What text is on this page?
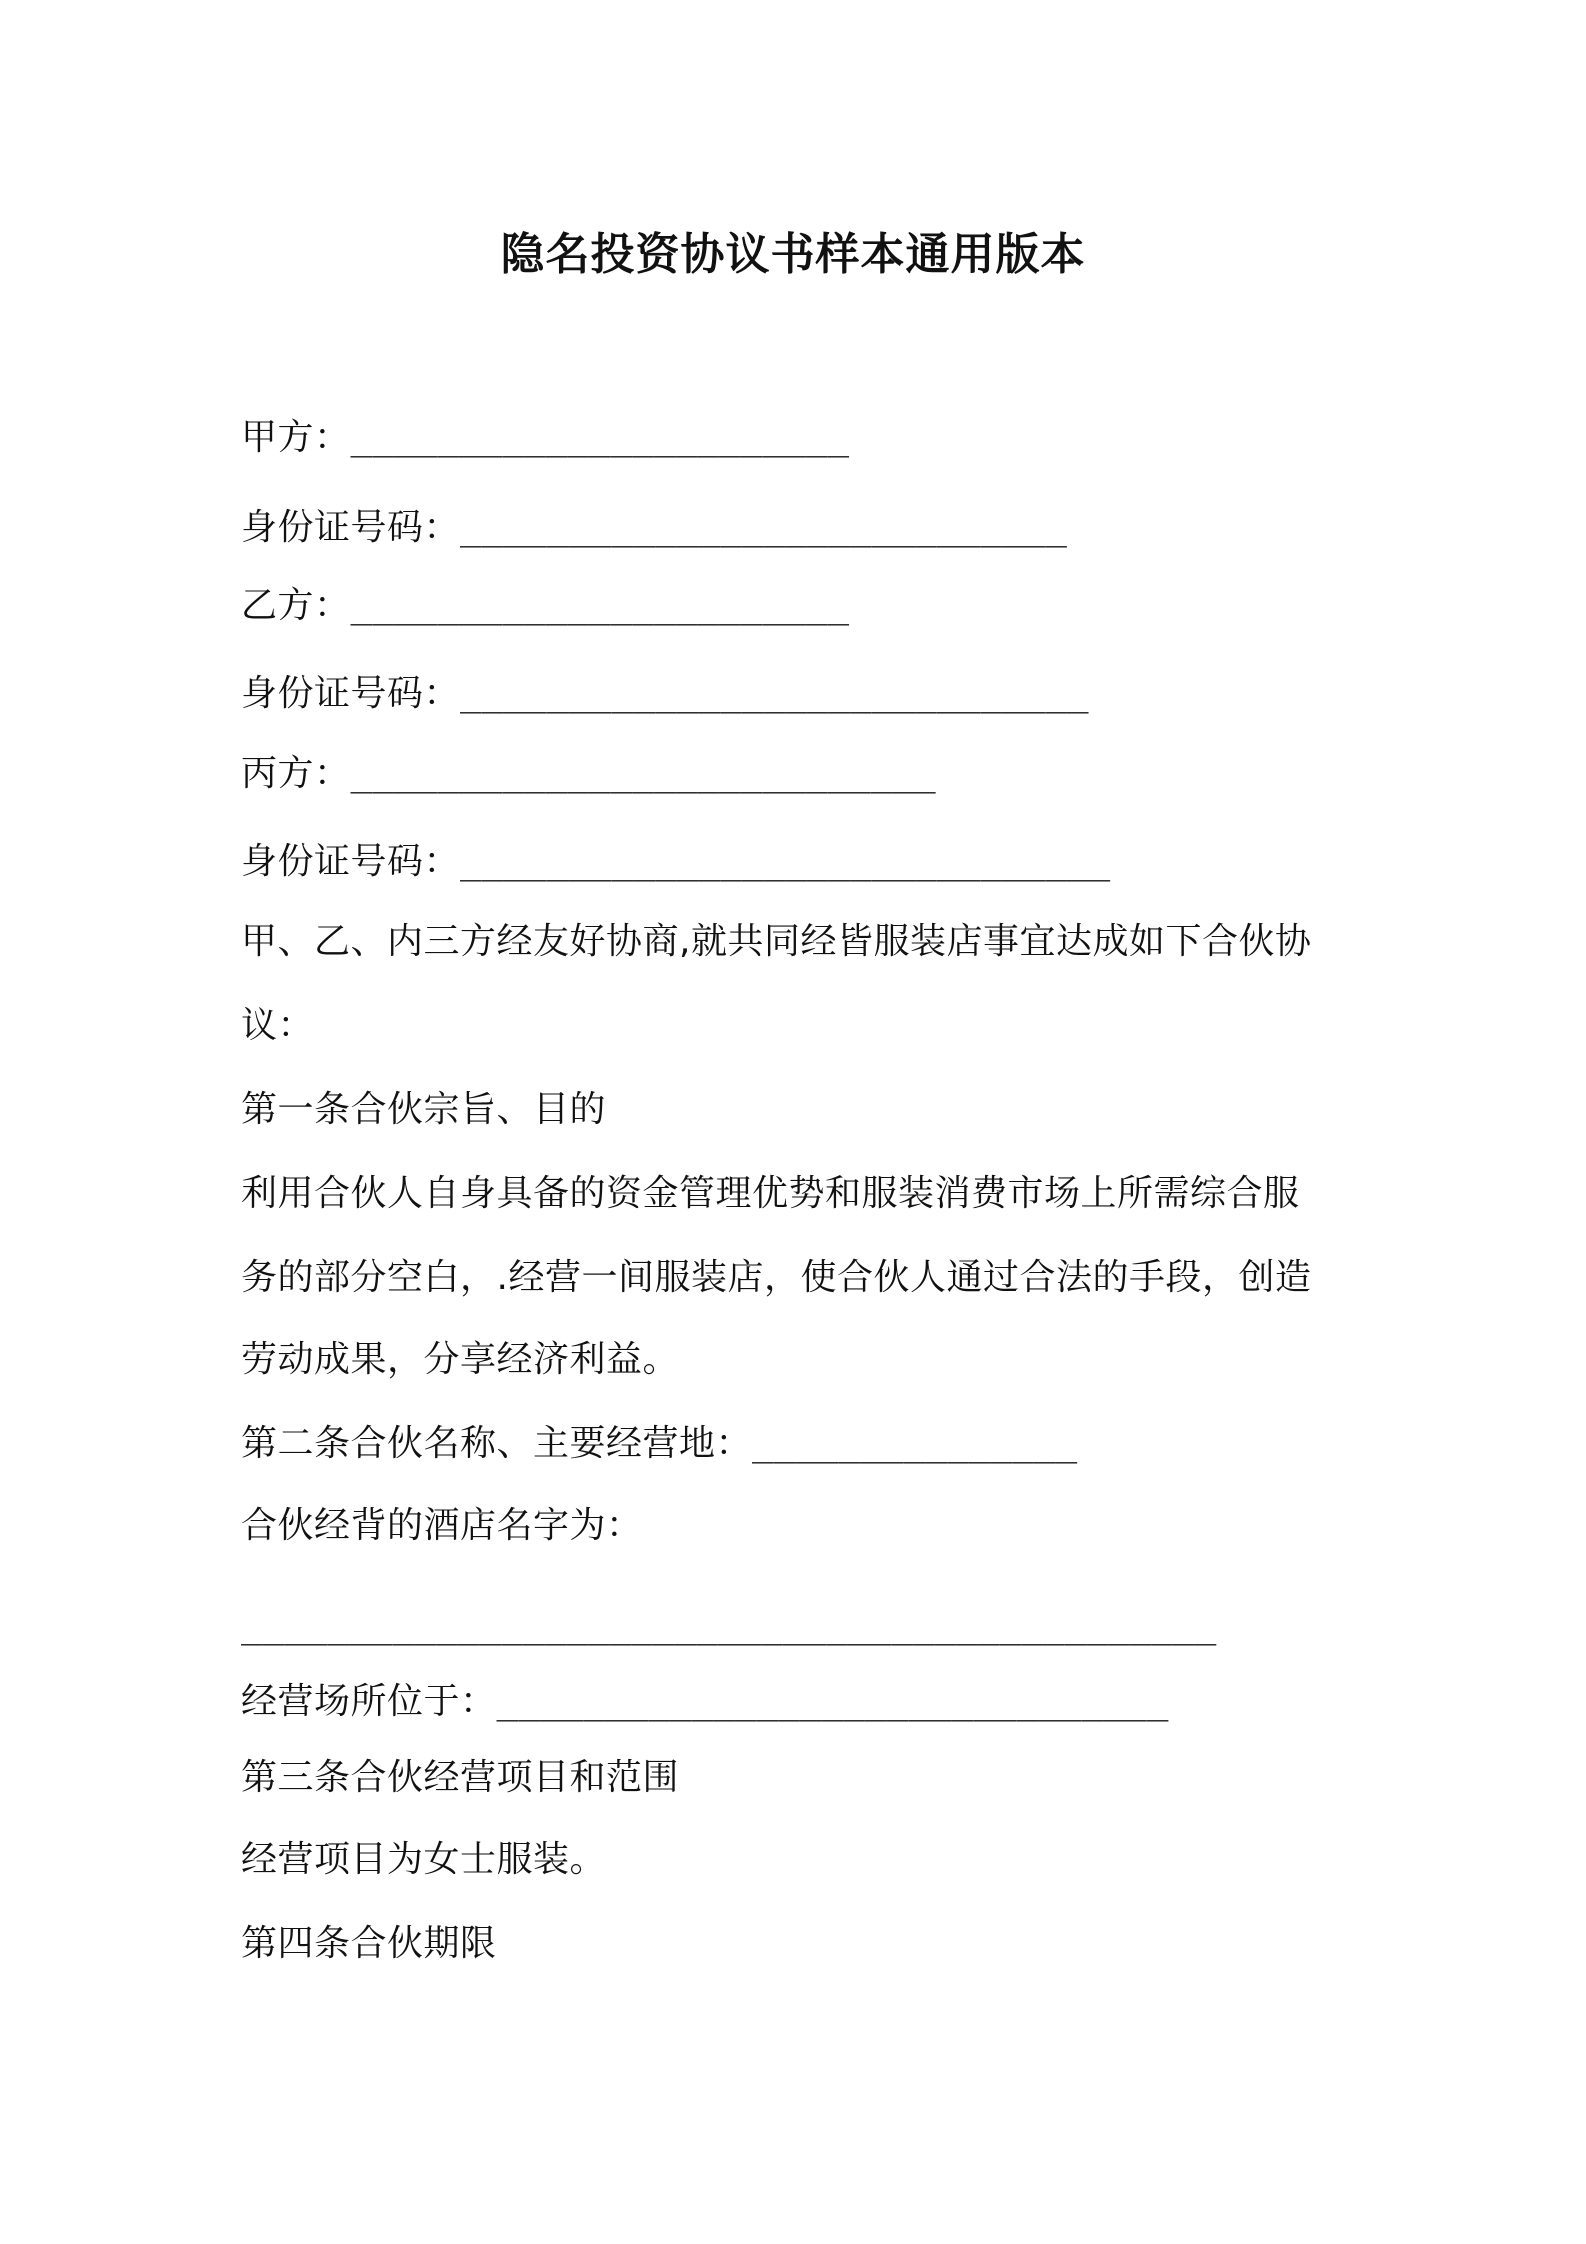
隐名投资协议书样本通用版本
甲方：_______________________
身份证号码：____________________________
乙方：_______________________
身份证号码：_____________________________
丙方：___________________________
身份证号码：______________________________
甲、乙、内三方经友好协商,就共同经皆服装店事宜达成如下合伙协
议：
第一条合伙宗旨、目的
利用合伙人自身具备的资金管理优势和服装消费市场上所需综合服
务的部分空白，.经营一间服装店，使合伙人通过合法的手段，创造
劳动成果，分享经济利益。
第二条合伙名称、主要经营地：_______________
合伙经背的酒店名字为：
_____________________________________________
经营场所位于：_______________________________
第三条合伙经营项目和范围
经营项目为女士服装。
第四条合伙期限
